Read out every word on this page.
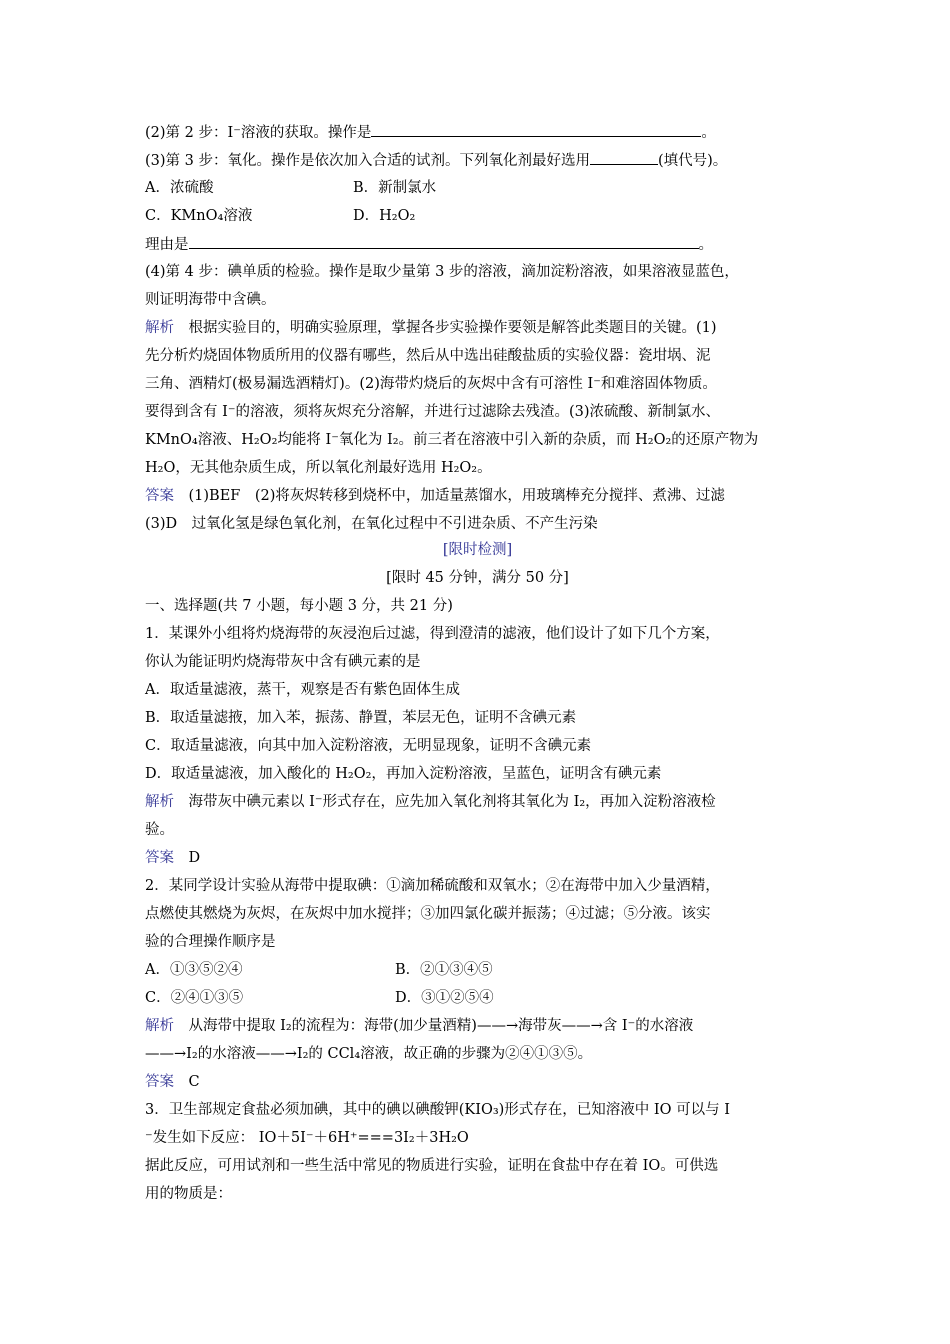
(2)第 2 步：I⁻溶液的获取。操作是	。
(3)第 3 步：氧化。操作是依次加入合适的试剂。下列氧化剂最好选用	(填代号)。
A．浓硫酸	B．新制氯水
C．KMnO₄溶液	D．H₂O₂
理由是	。
(4)第 4 步：碘单质的检验。操作是取少量第 3 步的溶液，滴加淀粉溶液，如果溶液显蓝色，
则证明海带中含碘。
解析　 根据实验目的，明确实验原理，掌握各步实验操作要领是解答此类题目的关键。(1)
先分析灼烧固体物质所用的仪器有哪些，然后从中选出硅酸盐质的实验仪器：瓷坩埚、泥
三角、酒精灯(极易漏选酒精灯)。(2)海带灼烧后的灰烬中含有可溶性 I⁻和难溶固体物质。
要得到含有 I⁻的溶液，须将灰烬充分溶解，并进行过滤除去残渣。(3)浓硫酸、新制氯水、
KMnO₄溶液、H₂O₂均能将 I⁻氧化为 I₂。前三者在溶液中引入新的杂质，而 H₂O₂的还原产物为
H₂O，无其他杂质生成，所以氧化剂最好选用 H₂O₂。
答案　 (1)BEF　(2)将灰烬转移到烧杯中，加适量蒸馏水，用玻璃棒充分搅拌、煮沸、过滤
(3)D　过氧化氢是绿色氧化剂，在氧化过程中不引进杂质、不产生污染
[限时检测]
[限时 45 分钟，满分 50 分]
一、选择题(共 7 小题，每小题 3 分，共 21 分)
1．某课外小组将灼烧海带的灰浸泡后过滤，得到澄清的滤液，他们设计了如下几个方案，
你认为能证明灼烧海带灰中含有碘元素的是
A．取适量滤液，蒸干，观察是否有紫色固体生成
B．取适量滤掖，加入苯，振荡、静置，苯层无色，证明不含碘元素
C．取适量滤液，向其中加入淀粉溶液，无明显现象，证明不含碘元素
D．取适量滤液，加入酸化的 H₂O₂，再加入淀粉溶液，呈蓝色，证明含有碘元素
解析　 海带灰中碘元素以 I⁻形式存在，应先加入氧化剂将其氧化为 I₂，再加入淀粉溶液检
验。
答案　 D
2．某同学设计实验从海带中提取碘：①滴加稀硫酸和双氧水；②在海带中加入少量酒精，
点燃使其燃烧为灰烬，在灰烬中加水搅拌；③加四氯化碳并振荡；④过滤；⑤分液。该实
验的合理操作顺序是
A．①③⑤②④	B．②①③④⑤
C．②④①③⑤	D．③①②⑤④
解析　 从海带中提取 I₂的流程为：海带(加少量酒精)——→海带灰——→含 I⁻的水溶液
——→I₂的水溶液——→I₂的 CCl₄溶液，故正确的步骤为②④①③⑤。
答案　 C
3．卫生部规定食盐必须加碘，其中的碘以碘酸钾(KIO₃)形式存在，已知溶液中 IO 可以与 I
⁻发生如下反应： IO＋5I⁻＋6H⁺===3I₂＋3H₂O
据此反应，可用试剂和一些生活中常见的物质进行实验，证明在食盐中存在着 IO。可供选
用的物质是：
